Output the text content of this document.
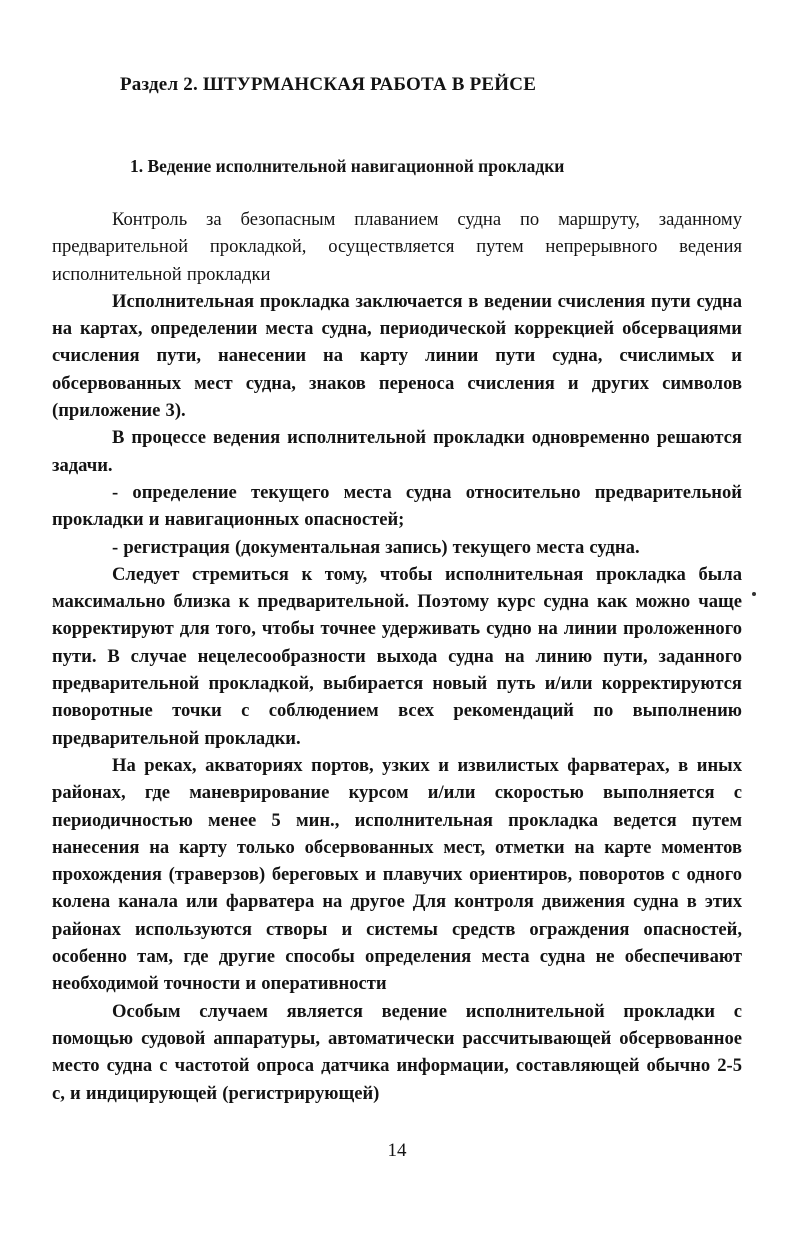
Раздел 2. ШТУРМАНСКАЯ РАБОТА В РЕЙСЕ
1. Ведение исполнительной навигационной прокладки

Контроль за безопасным плаванием судна по маршруту, заданному предварительной прокладкой, осуществляется путем непрерывного ведения исполнительной прокладки

Исполнительная прокладка заключается в ведении счисления пути судна на картах, определении места судна, периодической коррекцией обсервациями счисления пути, нанесении на карту линии пути судна, счислимых и обсервованных мест судна, знаков переноса счисления и других символов (приложение 3).

В процессе ведения исполнительной прокладки одновременно решаются задачи.

- определение текущего места судна относительно предварительной прокладки и навигационных опасностей;

- регистрация (документальная запись) текущего места судна.

Следует стремиться к тому, чтобы исполнительная прокладка была максимально близка к предварительной. Поэтому курс судна как можно чаще корректируют для того, чтобы точнее удерживать судно на линии проложенного пути. В случае нецелесообразности выхода судна на линию пути, заданного предварительной прокладкой, выбирается новый путь и/или корректируются поворотные точки с соблюдением всех рекомендаций по выполнению предварительной прокладки.

На реках, акваториях портов, узких и извилистых фарватерах, в иных районах, где маневрирование курсом и/или скоростью выполняется с периодичностью менее 5 мин., исполнительная прокладка ведется путем нанесения на карту только обсервованных мест, отметки на карте моментов прохождения (траверзов) береговых и плавучих ориентиров, поворотов с одного колена канала или фарватера на другое Для контроля движения судна в этих районах используются створы и системы средств ограждения опасностей, особенно там, где другие способы определения места судна не обеспечивают необходимой точности и оперативности

Особым случаем является ведение исполнительной прокладки с помощью судовой аппаратуры, автоматически рассчитывающей обсервованное место судна с частотой опроса датчика информации, составляющей обычно 2-5 с, и индицирующей (регистрирующей)

14
